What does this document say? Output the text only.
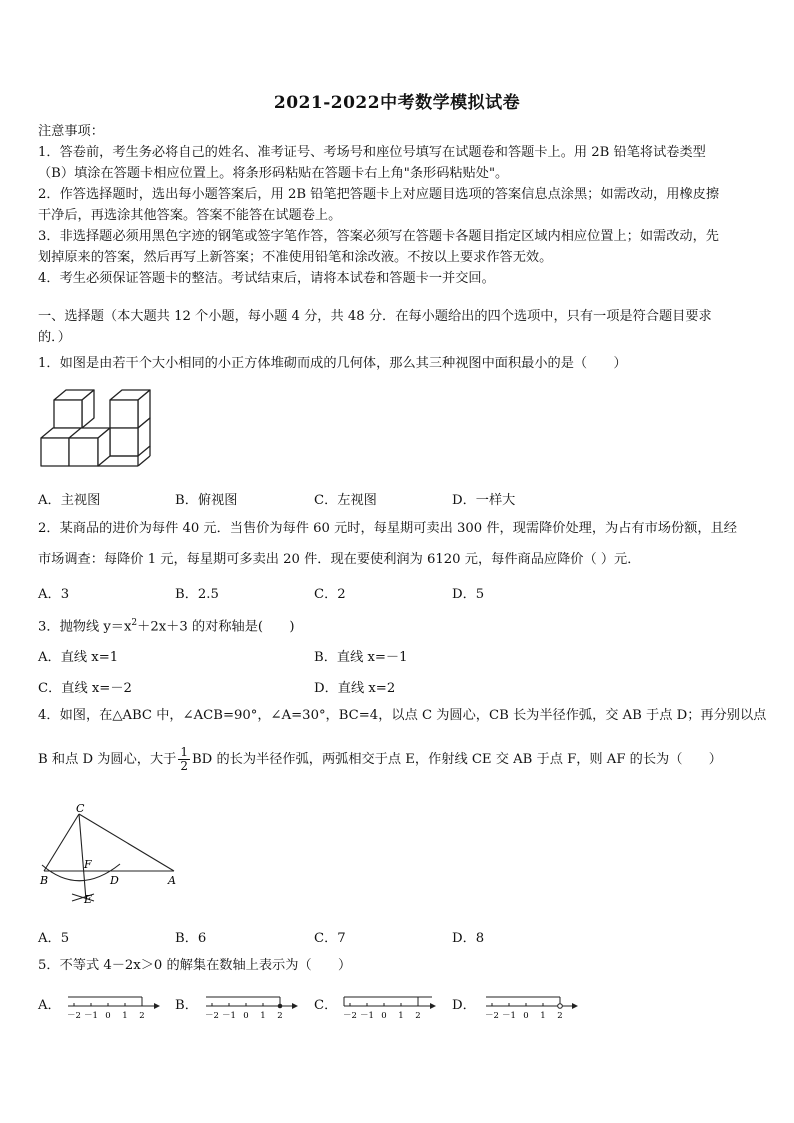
2021-2022中考数学模拟试卷
注意事项：
1．答卷前，考生务必将自己的姓名、准考证号、考场号和座位号填写在试题卷和答题卡上。用 2B 铅笔将试卷类型
（B）填涂在答题卡相应位置上。将条形码粘贴在答题卡右上角"条形码粘贴处"。
2．作答选择题时，选出每小题答案后，用 2B 铅笔把答题卡上对应题目选项的答案信息点涂黑；如需改动，用橡皮擦
干净后，再选涂其他答案。答案不能答在试题卷上。
3．非选择题必须用黑色字迹的钢笔或签字笔作答，答案必须写在答题卡各题目指定区域内相应位置上；如需改动，先
划掉原来的答案，然后再写上新答案；不准使用铅笔和涂改液。不按以上要求作答无效。
4．考生必须保证答题卡的整洁。考试结束后，请将本试卷和答题卡一并交回。
一、选择题（本大题共 12 个小题，每小题 4 分，共 48 分．在每小题给出的四个选项中，只有一项是符合题目要求
的．）
1．如图是由若干个大小相同的小正方体堆砌而成的几何体，那么其三种视图中面积最小的是（　　）
A．主视图	B．俯视图	C．左视图	D．一样大
2．某商品的进价为每件 40 元．当售价为每件 60 元时，每星期可卖出 300 件，现需降价处理，为占有市场份额，且经
市场调查：每降价 1 元，每星期可多卖出 20 件．现在要使利润为 6120 元，每件商品应降价（ ）元．
A．3	B．2.5	C．2	D．5
3．抛物线 $y=x^2+2x+3$ 的对称轴是(　　)
A．直线 x=1	B．直线 x=－1
C．直线 x=－2	D．直线 x=2
4．如图，在△ABC 中，∠ACB=90°，∠A=30°，BC=4，以点 C 为圆心，CB 长为半径作弧，交 AB 于点 D；再分别以点
B 和点 D 为圆心，大于 $\frac{1}{2}$ BD 的长为半径作弧，两弧相交于点 E，作射线 CE 交 AB 于点 F，则 AF 的长为（　　）
C
F
B	D	A
E
A．5	B．6	C．7	D．8
5．不等式 4－2x＞0 的解集在数轴上表示为（　　）
A．
－2 －1 0 1 2
B．
－2 －1 0 1 2
C．
－2 －1 0 1 2
D．
－2 －1 0 1 2
